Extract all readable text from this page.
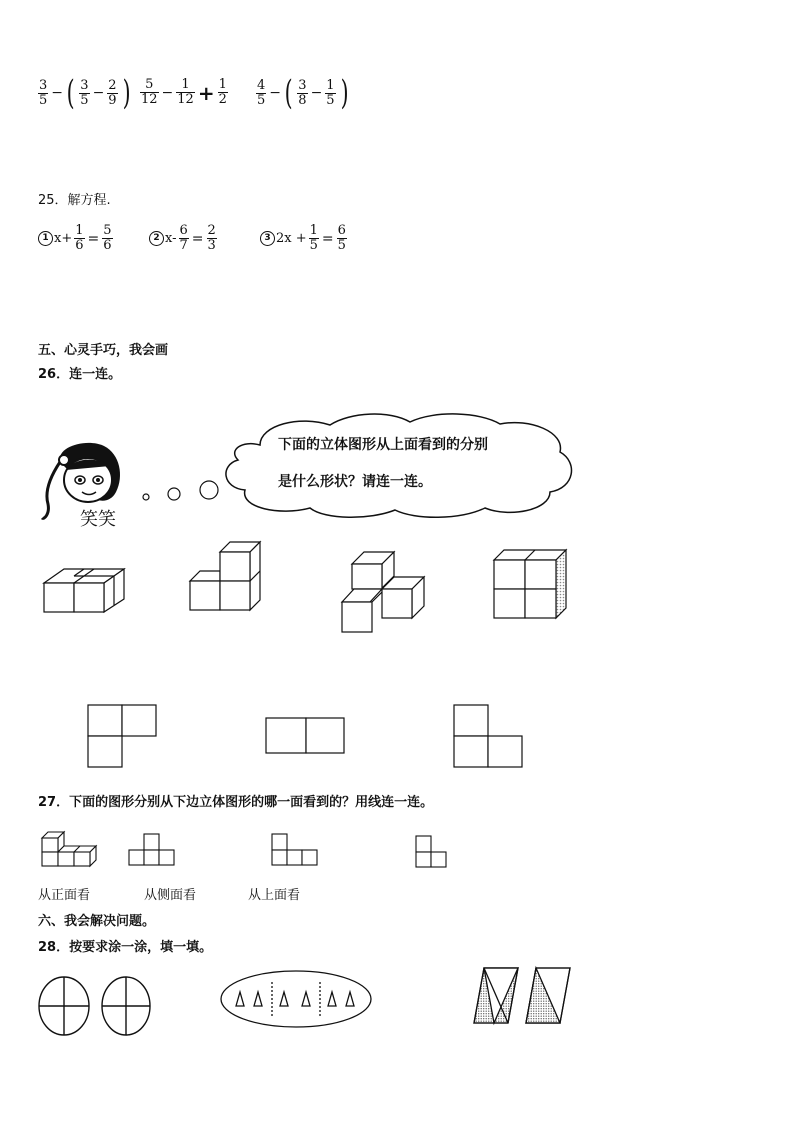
$\frac{3}{5}$ − ( $\frac{3}{5} - \frac{2}{9}$ ) $\frac{5}{12} - \frac{1}{12} + \frac{1}{2} \frac{4}{5}$ − ( $\frac{3}{8} - \frac{1}{5}$ )
25．解方程.
1 $x+ \frac{1}{6} = \frac{5}{6}$	2 $x- \frac{6}{7} = \frac{2}{3}$	3 $2x + \frac{1}{5} = \frac{6}{5}$
五、心灵手巧，我会画
26．连一连。
笑笑
下面的立体图形从上面看到的分别
是什么形状？请连一连。
27．下面的图形分别从下边立体图形的哪一面看到的？用线连一连。
从正面看	从侧面看	从上面看
六、我会解决问题。
28．按要求涂一涂，填一填。
